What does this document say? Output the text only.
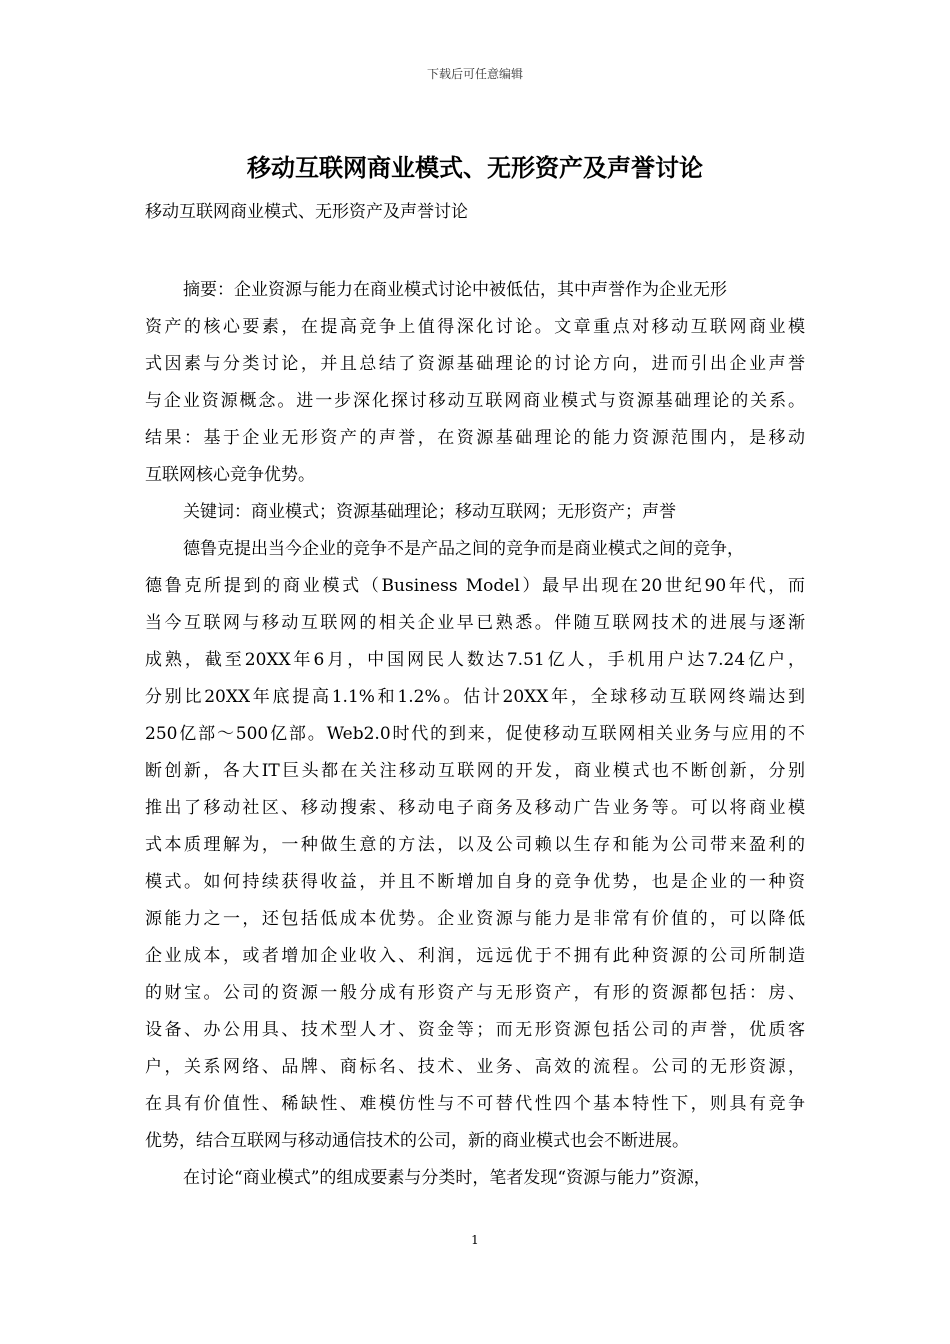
下载后可任意编辑
移动互联网商业模式、无形资产及声誉讨论
移动互联网商业模式、无形资产及声誉讨论
摘要：企业资源与能力在商业模式讨论中被低估，其中声誉作为企业无形
资产的核心要素，在提高竞争上值得深化讨论。文章重点对移动互联网商业模
式因素与分类讨论，并且总结了资源基础理论的讨论方向，进而引出企业声誉
与企业资源概念。进一步深化探讨移动互联网商业模式与资源基础理论的关系。
结果：基于企业无形资产的声誉，在资源基础理论的能力资源范围内，是移动
互联网核心竞争优势。
关键词：商业模式；资源基础理论；移动互联网；无形资产；声誉
德鲁克提出当今企业的竞争不是产品之间的竞争而是商业模式之间的竞争，
德鲁克所提到的商业模式（Business Model）最早出现在20世纪90年代，而
当今互联网与移动互联网的相关企业早已熟悉。伴随互联网技术的进展与逐渐
成熟，截至20XX年6月，中国网民人数达7.51亿人，手机用户达7.24亿户，
分别比20XX年底提高1.1%和1.2%。估计20XX年，全球移动互联网终端达到
250亿部～500亿部。Web2.0时代的到来，促使移动互联网相关业务与应用的不
断创新，各大IT巨头都在关注移动互联网的开发，商业模式也不断创新，分别
推出了移动社区、移动搜索、移动电子商务及移动广告业务等。可以将商业模
式本质理解为，一种做生意的方法，以及公司赖以生存和能为公司带来盈利的
模式。如何持续获得收益，并且不断增加自身的竞争优势，也是企业的一种资
源能力之一，还包括低成本优势。企业资源与能力是非常有价值的，可以降低
企业成本，或者增加企业收入、利润，远远优于不拥有此种资源的公司所制造
的财宝。公司的资源一般分成有形资产与无形资产，有形的资源都包括：房、
设备、办公用具、技术型人才、资金等；而无形资源包括公司的声誉，优质客
户，关系网络、品牌、商标名、技术、业务、高效的流程。公司的无形资源，
在具有价值性、稀缺性、难模仿性与不可替代性四个基本特性下，则具有竞争
优势，结合互联网与移动通信技术的公司，新的商业模式也会不断进展。
在讨论“商业模式”的组成要素与分类时，笔者发现“资源与能力”资源，
1
